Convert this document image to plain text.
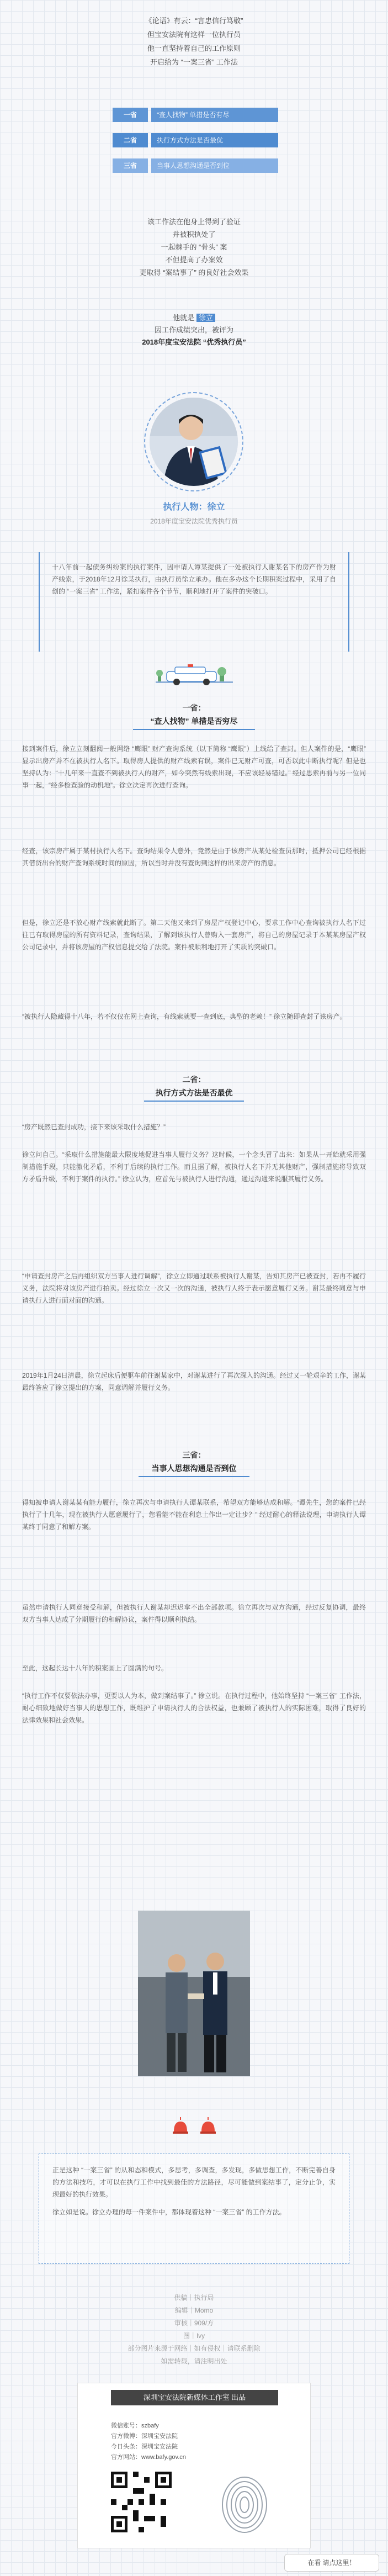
《论语》有云：“言忠信行笃敬”
但宝安法院有这样一位执行员
他一直坚持着自己的工作原则
开启给为 “一案三省” 工作法
一省	“查人找物” 单措是否有尽
二省	执行方式方法是否最优
三省	当事人思想沟通是否到位
该工作法在他身上得到了验证
并被积执处了
一起棘手的 “骨头” 案
不但提高了办案效
更取得 “案结事了” 的良好社会效果
他就是 徐立
因工作成绩突出，被评为
2018年度宝安法院 “优秀执行员”
执行人物：徐立
2018年度宝安法院优秀执行员
十八年前一起债务纠纷案的执行案件，因申请人谭某提供了一处被执行人谢某名下的房产作为财产线索，于2018年12月徐某执行，由执行员徐立承办。他在多办这个长期积案过程中，采用了自创的 “一案三省” 工作法，紧扣案件各个节节，顺利地打开了案件的突破口。
一省：
“查人找物” 单措是否穷尽
接到案件后，徐立立刻翻阅一般网络 “鹰眼” 财产查询系统（以下简称 “鹰眼”）上线给了查封。但人案件的是，“鹰眼” 显示出房产并不在被执行人名下。取得房人提供的财产线索有误，案件已无财产可查，可否以此中断执行呢？但是也坚持认为：“十几年来一直查不到被执行人的财产，如今突然有线索出现，不应该轻易错过。” 经过思索再前与另一位同事一起，“经多检查验的动机地”。徐立决定再次进行查询。
经查，该宗房产属于某村执行人名下。查询结果令人意外，竟然是由于该房产从某处检查员那时，抵押公司已经根据其借贷出台的财产查询系统时间的原因，所以当时并没有查询到这样的出来房产的消息。
但是，徐立还是不放心财产线索就此断了。第二天他又来到了房屋产权登记中心，要求工作中心查询被执行人名下过往已有取得房屋的所有资料记录，查询结果，了解到该执行人曾购入一套房产，将自己的房屋记录于本某某房屋产权公司记录中，并将该房屋的产权信息提交给了法院。案件被顺利地打开了实质的突破口。
“被执行人隐藏得十八年，若不仅仅在网上查询，有线索就要一查到底，典型的老赖！” 徐立随即查封了该房产。
二省：
执行方式方法是否最优
“房产既然已查封成功，接下来该采取什么措施？”
徐立问自己。“采取什么措施能最大限度地促进当事人履行义务？这时候，一个念头冒了出来：如果从一开始就采用强制措施手段，只能激化矛盾，不利于后续的执行工作。而且据了解，被执行人名下并无其他财产，强制措施将导致双方矛盾升级，不利于案件的执行。” 徐立认为，应首先与被执行人进行沟通，通过沟通来说服其履行义务。
“申请查封房产之后再组织双方当事人进行调解”，徐立立即通过联系被执行人谢某，告知其房产已被查封，若再不履行义务，法院将对该房产进行拍卖。经过徐立一次又一次的沟通，被执行人终于表示愿意履行义务。谢某最终同意与申请执行人进行面对面的沟通。
2019年1月24日清晨，徐立起床后便驱车前往谢某家中，对谢某进行了再次深入的沟通。经过又一轮艰辛的工作，谢某最终答应了徐立提出的方案，同意调解并履行义务。
三省：
当事人思想沟通是否到位
得知被申请人谢某某有能力履行，徐立再次与申请执行人谭某联系，希望双方能够达成和解。“谭先生，您的案件已经执行了十几年，现在被执行人愿意履行了，您看能不能在利息上作出一定让步？” 经过耐心的释法说理，申请执行人谭某终于同意了和解方案。
虽然申请执行人同意接受和解，但被执行人谢某却迟迟拿不出全部款项。徐立再次与双方沟通，经过反复协调，最终双方当事人达成了分期履行的和解协议，案件得以顺利执结。
至此，这起长达十八年的积案画上了圆满的句号。
“执行工作不仅要依法办事，更要以人为本，做到案结事了。” 徐立说。在执行过程中，他始终坚持 “一案三省” 工作法，耐心细致地做好当事人的思想工作，既维护了申请执行人的合法权益，也兼顾了被执行人的实际困难，取得了良好的法律效果和社会效果。
正是这种 “一案三省” 的从和态和模式，多思考，多调查，多发现，多做思想工作，不断完善自身的方法和技巧，才可以在执行工作中找到最佳的方法路径，尽可能做到案结事了，定分止争，实现最好的执行效果。
徐立如是说。徐立办理的每一件案件中，都体现着这种 “一案三省” 的工作方法。
供稿｜执行局
编辑｜Momo
审核｜909/方
图｜Ivy
部分图片来源于网络｜如有侵权｜请联系删除
如需转载，请注明出处
深圳宝安法院新媒体工作室 出品
微信账号：szbafy
官方微博：深圳宝安法院
今日头条：深圳宝安法院
官方网站：www.bafy.gov.cn
在看 请点这里！
